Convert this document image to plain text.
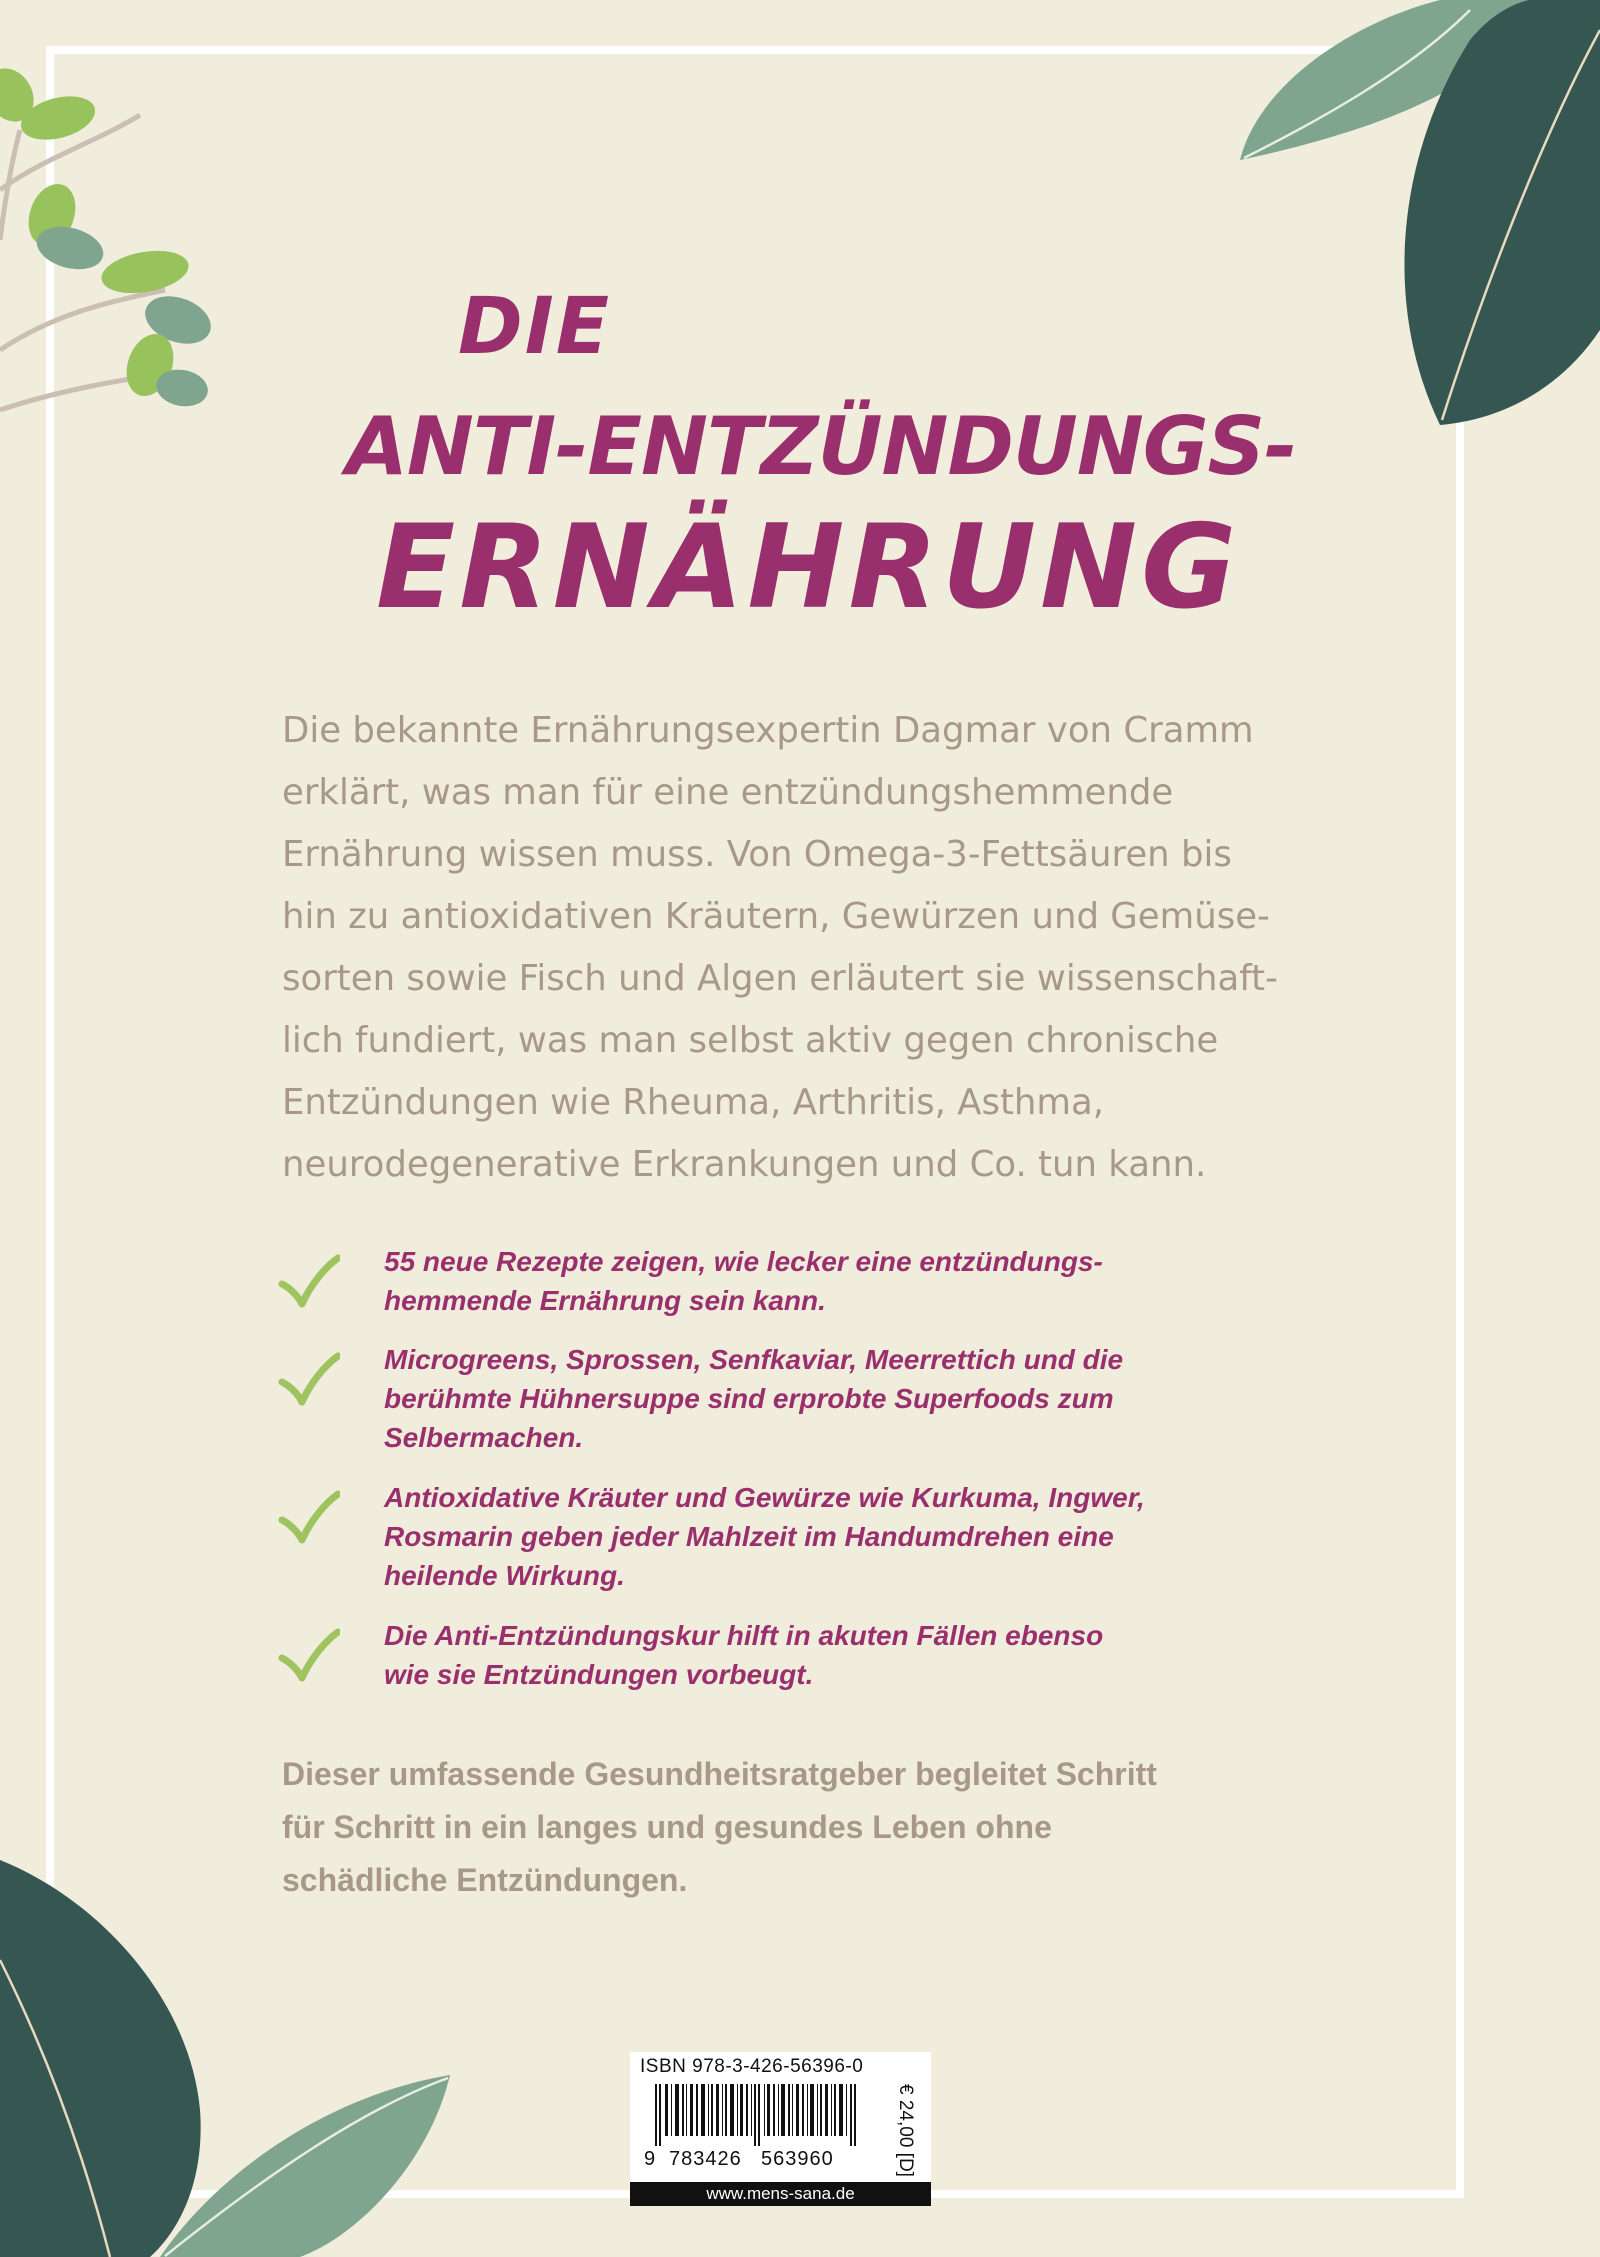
DIE
ANTI-ENTZÜNDUNGS-
ERNÄHRUNG

Die bekannte Ernährungsexpertin Dagmar von Cramm
erklärt, was man für eine entzündungshemmende
Ernährung wissen muss. Von Omega-3-Fettsäuren bis
hin zu antioxidativen Kräutern, Gewürzen und Gemüse-
sorten sowie Fisch und Algen erläutert sie wissenschaft-
lich fundiert, was man selbst aktiv gegen chronische
Entzündungen wie Rheuma, Arthritis, Asthma,
neurodegenerative Erkrankungen und Co. tun kann.

55 neue Rezepte zeigen, wie lecker eine entzündungs-
hemmende Ernährung sein kann.
Microgreens, Sprossen, Senfkaviar, Meerrettich und die
berühmte Hühnersuppe sind erprobte Superfoods zum
Selbermachen.
Antioxidative Kräuter und Gewürze wie Kurkuma, Ingwer,
Rosmarin geben jeder Mahlzeit im Handumdrehen eine
heilende Wirkung.
Die Anti-Entzündungskur hilft in akuten Fällen ebenso
wie sie Entzündungen vorbeugt.

Dieser umfassende Gesundheitsratgeber begleitet Schritt
für Schritt in ein langes und gesundes Leben ohne
schädliche Entzündungen.

ISBN 978-3-426-56396-0

9 783426 563960	€ 24,00 [D]

www.mens-sana.de
